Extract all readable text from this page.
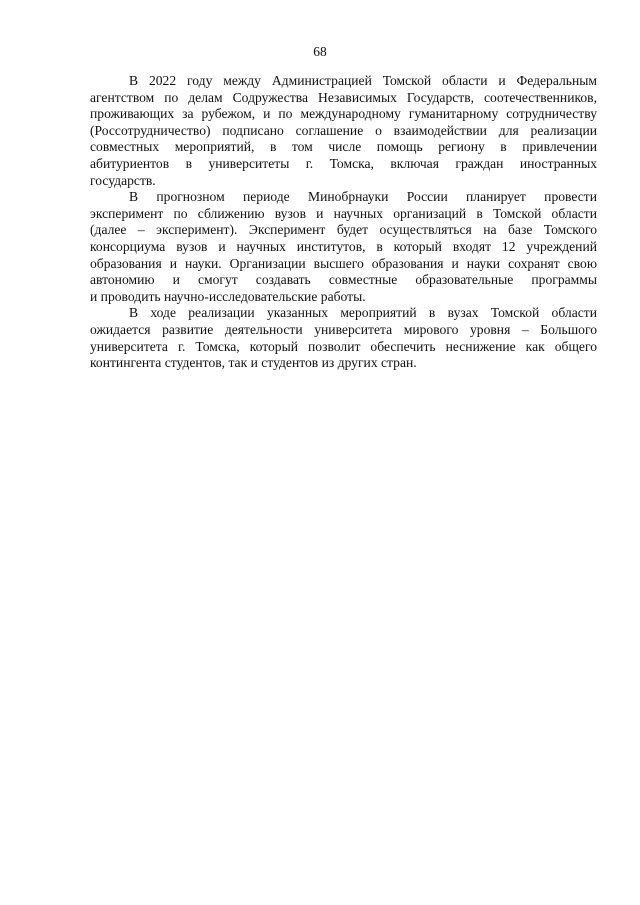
68
В 2022 году между Администрацией Томской области и Федеральным
агентством по делам Содружества Независимых Государств, соотечественников,
проживающих за рубежом, и по международному гуманитарному сотрудничеству
(Россотрудничество) подписано соглашение о взаимодействии для реализации
совместных мероприятий, в том числе помощь региону в привлечении
абитуриентов в университеты г. Томска, включая граждан иностранных
государств.
В прогнозном периоде Минобрнауки России планирует провести
эксперимент по сближению вузов и научных организаций в Томской области
(далее – эксперимент). Эксперимент будет осуществляться на базе Томского
консорциума вузов и научных институтов, в который входят 12 учреждений
образования и науки. Организации высшего образования и науки сохранят свою
автономию и смогут создавать совместные образовательные программы
и проводить научно-исследовательские работы.
В ходе реализации указанных мероприятий в вузах Томской области
ожидается развитие деятельности университета мирового уровня – Большого
университета г. Томска, который позволит обеспечить неснижение как общего
контингента студентов, так и студентов из других стран.
